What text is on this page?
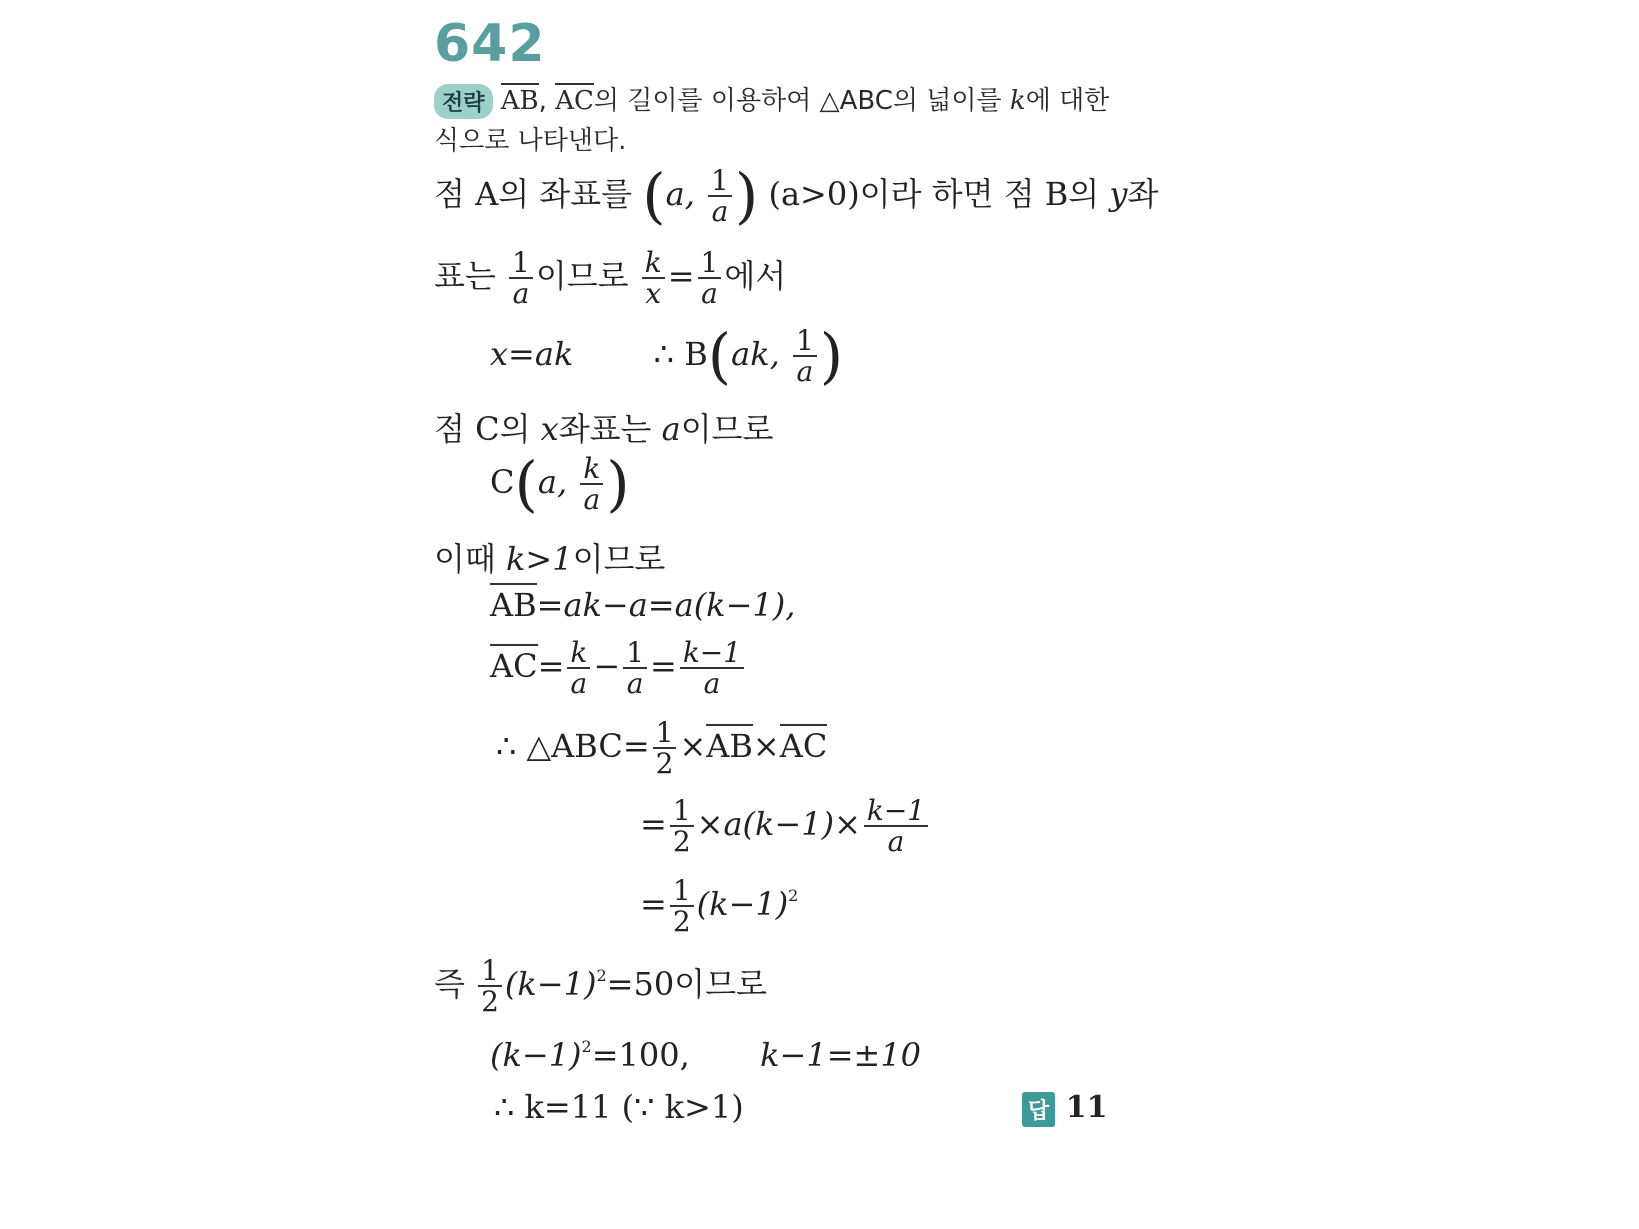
642
전략 AB, AC의 길이를 이용하여 △ABC의 넓이를 k에 대한
식으로 나타낸다.
점 A의 좌표를 (a, $\frac{1}{a}$ ) (a>0)이라 하면 점 B의 y좌
표는 $\frac{1}{a}$ 이므로 $\frac{k}{x} = \frac{1}{a}$ 에서
x=ak	∴ B(ak, $\frac{1}{a}$ )
점 C의 x좌표는 a이므로
C(a, $\frac{k}{a}$ )
이때 k>1이므로
AB=ak−a=a(k−1),
$AC= \frac{k}{a} - \frac{1}{a} = \frac{k-1}{a}$
∴ △ABC= $\frac{1}{2} \times AB\times AC$
= $\frac{1}{2} \times a(k-1)\times \frac{k-1}{a}$
= $\frac{1}{2} (k-1)^2$
즉 $\frac{1}{2} (k-1)^2=50$이므로
$(k-1)^2=100$, k−1=±10
∴ k=11 (∵ k>1)	답 11
